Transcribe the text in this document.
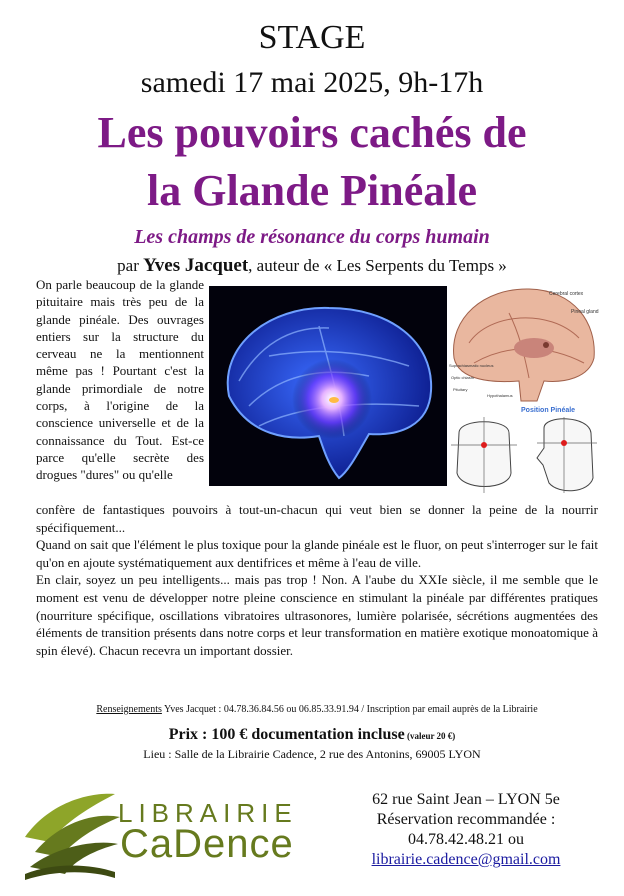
STAGE
samedi 17 mai 2025, 9h-17h
Les pouvoirs cachés de
la Glande Pinéale
Les champs de résonance du corps humain
par Yves Jacquet, auteur de « Les Serpents du Temps »

On parle beaucoup de la glande pituitaire mais très peu de la glande pinéale. Des ouvrages entiers sur la structure du cerveau ne la mentionnent même pas ! Pourtant c'est la glande primordiale de notre corps, à l'origine de la conscience universelle et de la connaissance du Tout. Est-ce parce qu'elle secrète des drogues "dures" ou qu'elle

Cerebral cortex
Pineal gland
Suprachiasmatic nucleus
Optic chiasm
Pituitary
Hypothalamus
Position Pinéale

confère de fantastiques pouvoirs à tout-un-chacun qui veut bien se donner la peine de la nourrir spécifiquement...

Quand on sait que l'élément le plus toxique pour la glande pinéale est le fluor, on peut s'interroger sur le fait qu'on en ajoute systématiquement aux dentifrices et même à l'eau de ville.

En clair, soyez un peu intelligents... mais pas trop ! Non. A l'aube du XXIe siècle, il me semble que le moment est venu de développer notre pleine conscience en stimulant la pinéale par différentes pratiques (nourriture spécifique, oscillations vibratoires ultrasonores, lumière polarisée, sécrétions augmentées des éléments de transition présents dans notre corps et leur transformation en matière exotique monoatomique à spin élevé). Chacun recevra un important dossier.

Renseignements Yves Jacquet : 04.78.36.84.56 ou 06.85.33.91.94 / Inscription par email auprès de la Librairie
Prix : 100 € documentation incluse (valeur 20 €)
Lieu : Salle de la Librairie Cadence, 2 rue des Antonins, 69005 LYON
LIBRAIRIE
CaDence
62 rue Saint Jean – LYON 5e
Réservation recommandée :
04.78.42.48.21 ou
librairie.cadence@gmail.com
